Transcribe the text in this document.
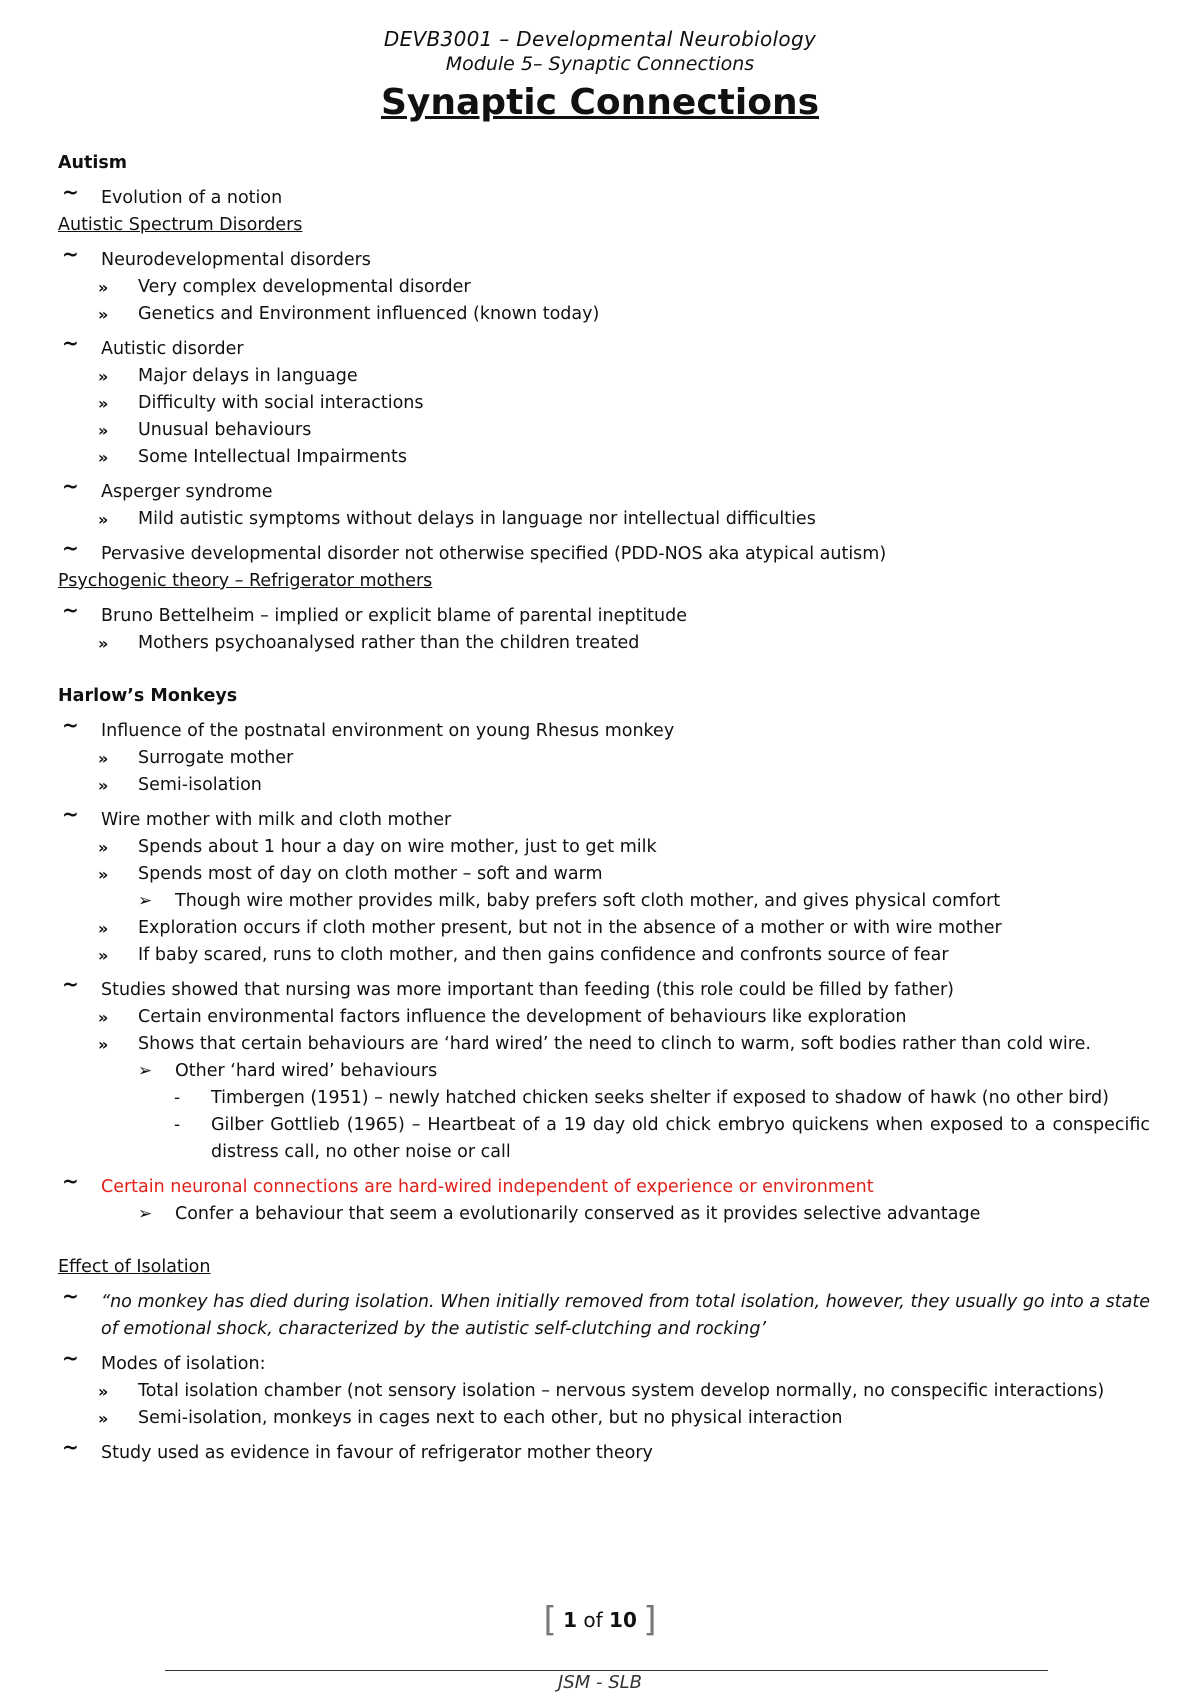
DEVB3001 – Developmental Neurobiology
Module 5– Synaptic Connections
Synaptic Connections
Autism
~ Evolution of a notion
Autistic Spectrum Disorders
~ Neurodevelopmental disorders
» Very complex developmental disorder
» Genetics and Environment influenced (known today)
~ Autistic disorder
» Major delays in language
» Difficulty with social interactions
» Unusual behaviours
» Some Intellectual Impairments
~ Asperger syndrome
» Mild autistic symptoms without delays in language nor intellectual difficulties
~ Pervasive developmental disorder not otherwise specified (PDD-NOS aka atypical autism)
Psychogenic theory – Refrigerator mothers
~ Bruno Bettelheim – implied or explicit blame of parental ineptitude
» Mothers psychoanalysed rather than the children treated
Harlow’s Monkeys
~ Influence of the postnatal environment on young Rhesus monkey
» Surrogate mother
» Semi-isolation
~ Wire mother with milk and cloth mother
» Spends about 1 hour a day on wire mother, just to get milk
» Spends most of day on cloth mother – soft and warm
➢ Though wire mother provides milk, baby prefers soft cloth mother, and gives physical comfort
» Exploration occurs if cloth mother present, but not in the absence of a mother or with wire mother
» If baby scared, runs to cloth mother, and then gains confidence and confronts source of fear
~ Studies showed that nursing was more important than feeding (this role could be filled by father)
» Certain environmental factors influence the development of behaviours like exploration
» Shows that certain behaviours are ‘hard wired’ the need to clinch to warm, soft bodies rather than cold wire.
➢ Other ‘hard wired’ behaviours
- Timbergen (1951) – newly hatched chicken seeks shelter if exposed to shadow of hawk (no other bird)
- Gilber Gottlieb (1965) – Heartbeat of a 19 day old chick embryo quickens when exposed to a conspecific distress call, no other noise or call
~ Certain neuronal connections are hard-wired independent of experience or environment
➢ Confer a behaviour that seem a evolutionarily conserved as it provides selective advantage
Effect of Isolation
~ “no monkey has died during isolation. When initially removed from total isolation, however, they usually go into a state of emotional shock, characterized by the autistic self-clutching and rocking’
~ Modes of isolation:
» Total isolation chamber (not sensory isolation – nervous system develop normally, no conspecific interactions)
» Semi-isolation, monkeys in cages next to each other, but no physical interaction
~ Study used as evidence in favour of refrigerator mother theory
[ 1 of 10 ]
JSM - SLB
